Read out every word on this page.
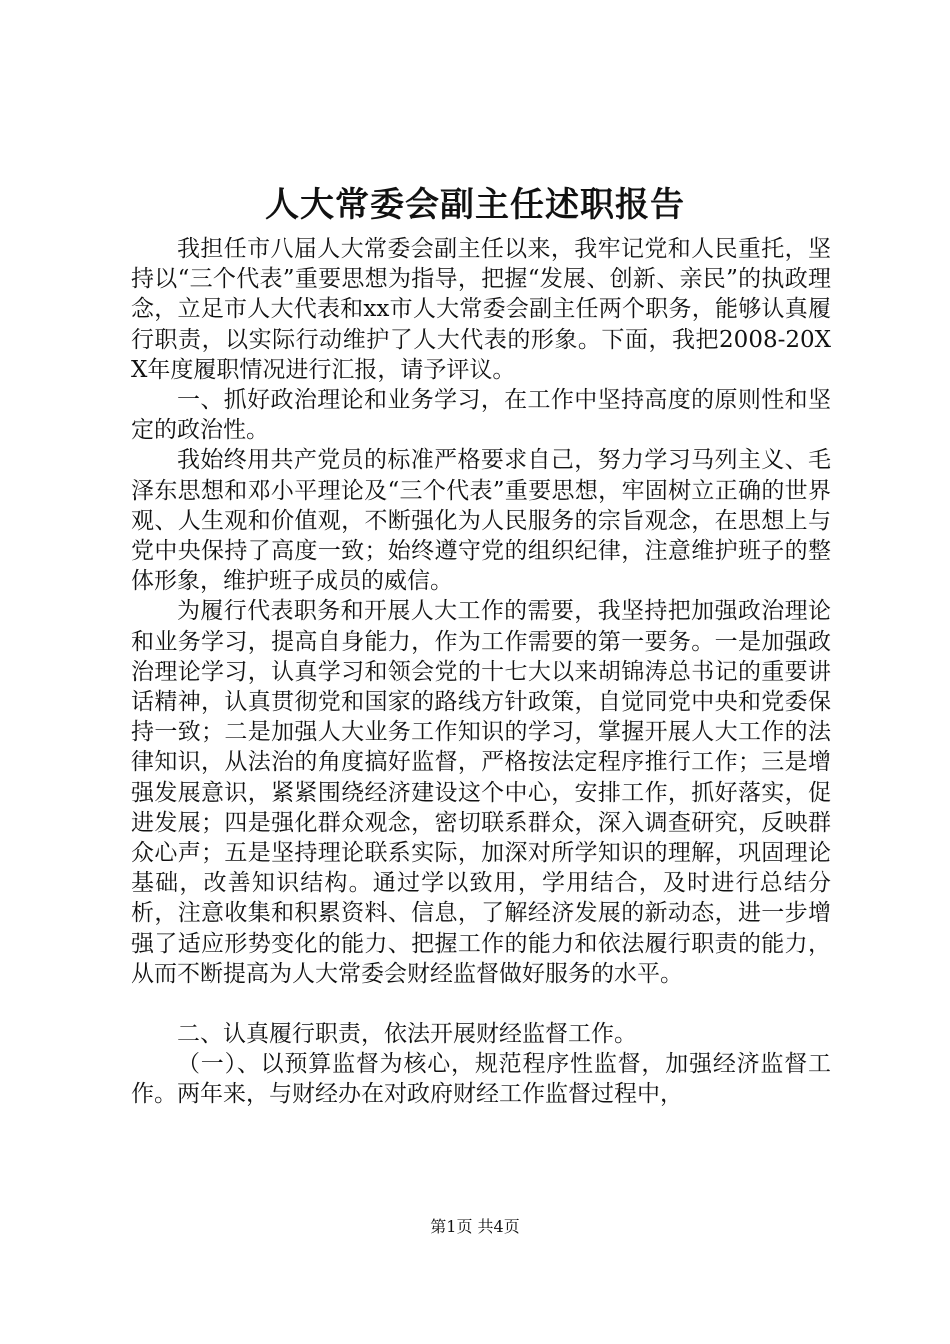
人大常委会副主任述职报告

我担任市八届人大常委会副主任以来，我牢记党和人民重托，坚持以“三个代表”重要思想为指导，把握“发展、创新、亲民”的执政理念，立足市人大代表和xx市人大常委会副主任两个职务，能够认真履行职责，以实际行动维护了人大代表的形象。下面，我把2008-20XX年度履职情况进行汇报，请予评议。

一、抓好政治理论和业务学习，在工作中坚持高度的原则性和坚定的政治性。

我始终用共产党员的标准严格要求自己，努力学习马列主义、毛泽东思想和邓小平理论及“三个代表”重要思想，牢固树立正确的世界观、人生观和价值观，不断强化为人民服务的宗旨观念，在思想上与党中央保持了高度一致；始终遵守党的组织纪律，注意维护班子的整体形象，维护班子成员的威信。

为履行代表职务和开展人大工作的需要，我坚持把加强政治理论和业务学习，提高自身能力，作为工作需要的第一要务。一是加强政治理论学习，认真学习和领会党的十七大以来胡锦涛总书记的重要讲话精神，认真贯彻党和国家的路线方针政策，自觉同党中央和党委保持一致；二是加强人大业务工作知识的学习，掌握开展人大工作的法律知识，从法治的角度搞好监督，严格按法定程序推行工作；三是增强发展意识，紧紧围绕经济建设这个中心，安排工作，抓好落实，促进发展；四是强化群众观念，密切联系群众，深入调查研究，反映群众心声；五是坚持理论联系实际，加深对所学知识的理解，巩固理论基础，改善知识结构。通过学以致用，学用结合，及时进行总结分析，注意收集和积累资料、信息，了解经济发展的新动态，进一步增强了适应形势变化的能力、把握工作的能力和依法履行职责的能力，从而不断提高为人大常委会财经监督做好服务的水平。

二、认真履行职责，依法开展财经监督工作。

（一）、以预算监督为核心，规范程序性监督，加强经济监督工作。两年来，与财经办在对政府财经工作监督过程中，

第1页 共4页
